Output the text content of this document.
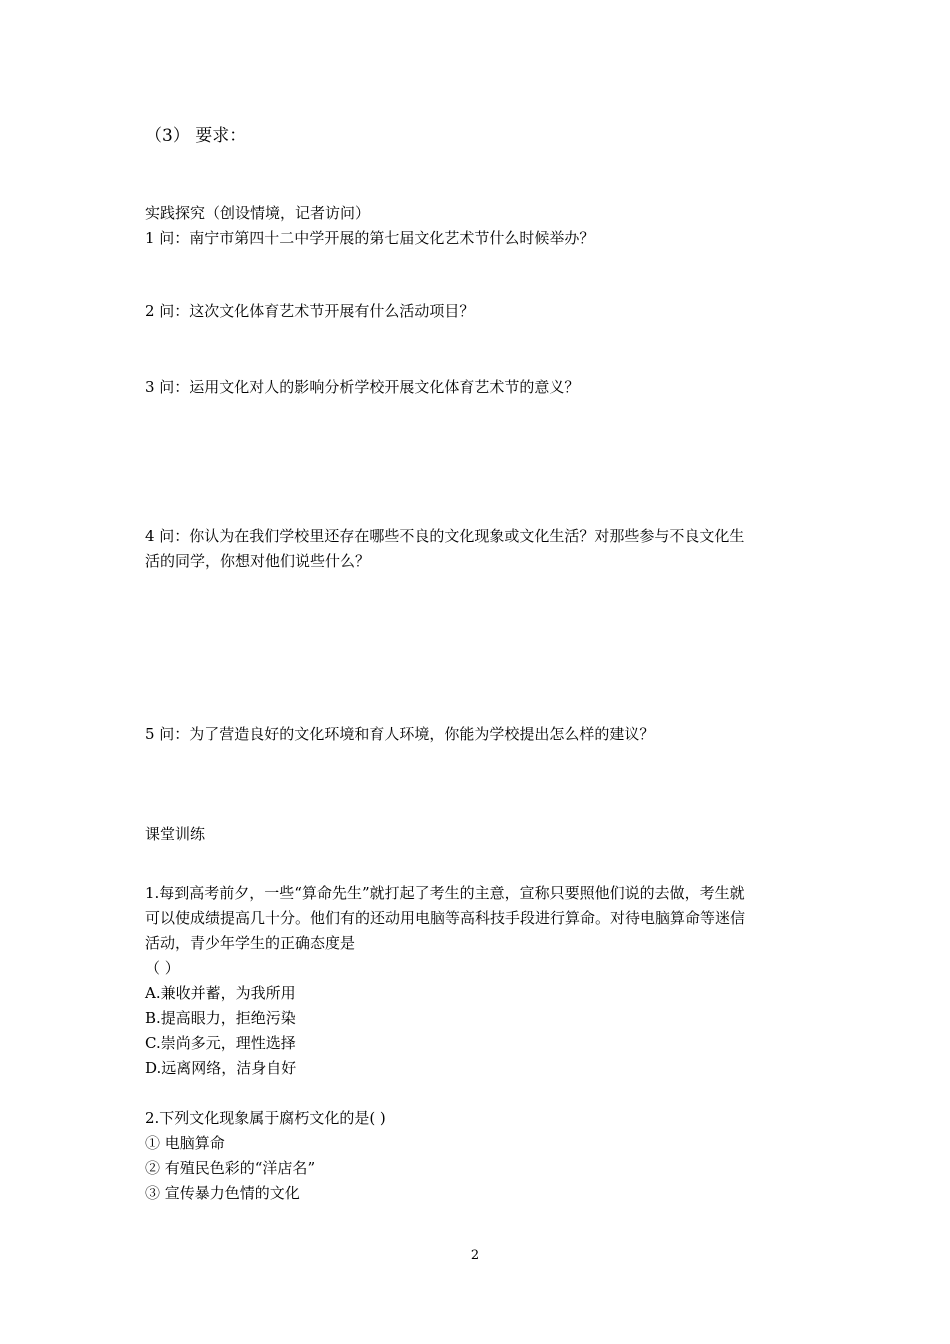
（3） 要求：
实践探究（创设情境，记者访问）
1 问：南宁市第四十二中学开展的第七届文化艺术节什么时候举办？
2 问：这次文化体育艺术节开展有什么活动项目？
3 问：运用文化对人的影响分析学校开展文化体育艺术节的意义？
4 问：你认为在我们学校里还存在哪些不良的文化现象或文化生活？对那些参与不良文化生
活的同学，你想对他们说些什么？
5 问：为了营造良好的文化环境和育人环境，你能为学校提出怎么样的建议？
课堂训练
1.每到高考前夕，一些“算命先生”就打起了考生的主意，宣称只要照他们说的去做，考生就
可以使成绩提高几十分。他们有的还动用电脑等高科技手段进行算命。对待电脑算命等迷信
活动，青少年学生的正确态度是
（ ）
A.兼收并蓄，为我所用
B.提高眼力，拒绝污染
C.崇尚多元，理性选择
D.远离网络，洁身自好
2.下列文化现象属于腐朽文化的是( )
① 电脑算命
② 有殖民色彩的“洋店名”
③ 宣传暴力色情的文化
2
